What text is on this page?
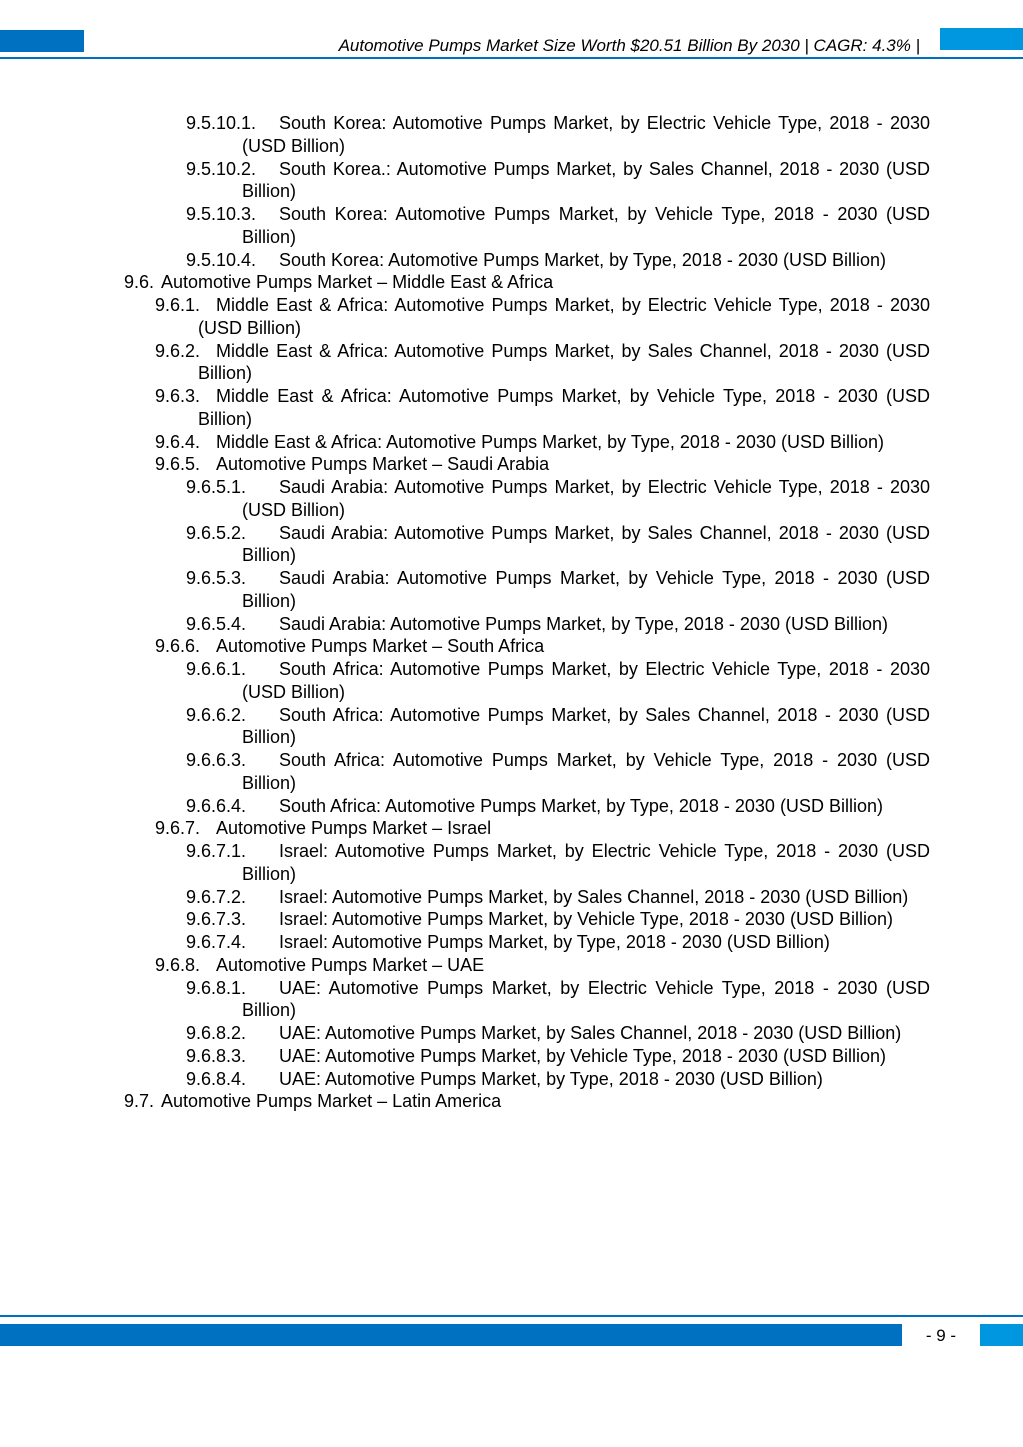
Automotive Pumps Market Size Worth $20.51 Billion By 2030 | CAGR: 4.3% |
9.5.10.1.	South Korea: Automotive Pumps Market, by Electric Vehicle Type, 2018 - 2030 (USD Billion)
9.5.10.2.	South Korea.: Automotive Pumps Market, by Sales Channel, 2018 - 2030 (USD Billion)
9.5.10.3.	South Korea: Automotive Pumps Market, by Vehicle Type, 2018 - 2030 (USD Billion)
9.5.10.4.	South Korea: Automotive Pumps Market, by Type, 2018 - 2030 (USD Billion)
9.6. Automotive Pumps Market – Middle East & Africa
9.6.1. Middle East & Africa: Automotive Pumps Market, by Electric Vehicle Type, 2018 - 2030 (USD Billion)
9.6.2. Middle East & Africa: Automotive Pumps Market, by Sales Channel, 2018 - 2030 (USD Billion)
9.6.3. Middle East & Africa: Automotive Pumps Market, by Vehicle Type, 2018 - 2030 (USD Billion)
9.6.4. Middle East & Africa: Automotive Pumps Market, by Type, 2018 - 2030 (USD Billion)
9.6.5. Automotive Pumps Market – Saudi Arabia
9.6.5.1.	Saudi Arabia: Automotive Pumps Market, by Electric Vehicle Type, 2018 - 2030 (USD Billion)
9.6.5.2.	Saudi Arabia: Automotive Pumps Market, by Sales Channel, 2018 - 2030 (USD Billion)
9.6.5.3.	Saudi Arabia: Automotive Pumps Market, by Vehicle Type, 2018 - 2030 (USD Billion)
9.6.5.4.	Saudi Arabia: Automotive Pumps Market, by Type, 2018 - 2030 (USD Billion)
9.6.6. Automotive Pumps Market – South Africa
9.6.6.1.	South Africa: Automotive Pumps Market, by Electric Vehicle Type, 2018 - 2030 (USD Billion)
9.6.6.2.	South Africa: Automotive Pumps Market, by Sales Channel, 2018 - 2030 (USD Billion)
9.6.6.3.	South Africa: Automotive Pumps Market, by Vehicle Type, 2018 - 2030 (USD Billion)
9.6.6.4.	South Africa: Automotive Pumps Market, by Type, 2018 - 2030 (USD Billion)
9.6.7. Automotive Pumps Market – Israel
9.6.7.1.	Israel: Automotive Pumps Market, by Electric Vehicle Type, 2018 - 2030 (USD Billion)
9.6.7.2.	Israel: Automotive Pumps Market, by Sales Channel, 2018 - 2030 (USD Billion)
9.6.7.3.	Israel: Automotive Pumps Market, by Vehicle Type, 2018 - 2030 (USD Billion)
9.6.7.4.	Israel: Automotive Pumps Market, by Type, 2018 - 2030 (USD Billion)
9.6.8. Automotive Pumps Market – UAE
9.6.8.1.	UAE: Automotive Pumps Market, by Electric Vehicle Type, 2018 - 2030 (USD Billion)
9.6.8.2.	UAE: Automotive Pumps Market, by Sales Channel, 2018 - 2030 (USD Billion)
9.6.8.3.	UAE: Automotive Pumps Market, by Vehicle Type, 2018 - 2030 (USD Billion)
9.6.8.4.	UAE: Automotive Pumps Market, by Type, 2018 - 2030 (USD Billion)
9.7. Automotive Pumps Market – Latin America
- 9 -
